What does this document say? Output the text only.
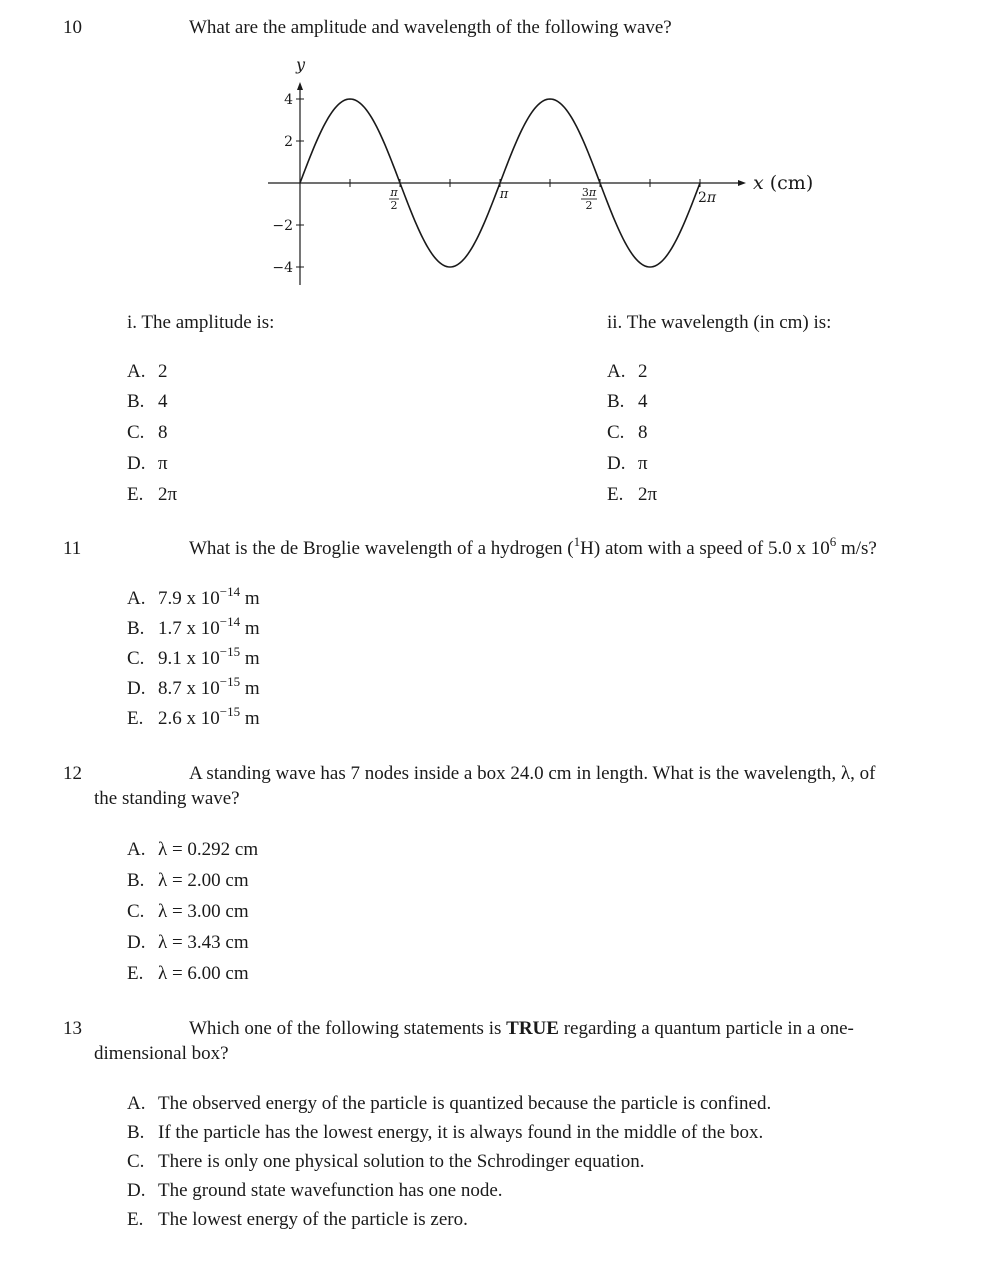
10	What are the amplitude and wavelength of the following wave?
y
x (cm)
4
2
−2
−4
π
2
π	3π
2	2π
i. The amplitude is:	ii. The wavelength (in cm) is:
A. 2
B. 4
C. 8
D. π
E. 2π
A. 2
B. 4
C. 8
D. π
E. 2π
11	What is the de Broglie wavelength of a hydrogen ($^1$H) atom with a speed of 5.0 x $10^6$ m/s?
A. 7.9 x $10^{-14}$ m
B. 1.7 x $10^{-14}$ m
C. 9.1 x $10^{-15}$ m
D. 8.7 x $10^{-15}$ m
E. 2.6 x $10^{-15}$ m
12	A standing wave has 7 nodes inside a box 24.0 cm in length. What is the wavelength, λ, of
the standing wave?
A. λ = 0.292 cm
B. λ = 2.00 cm
C. λ = 3.00 cm
D. λ = 3.43 cm
E. λ = 6.00 cm
13	Which one of the following statements is TRUE regarding a quantum particle in a one-
dimensional box?
A. The observed energy of the particle is quantized because the particle is confined.
B. If the particle has the lowest energy, it is always found in the middle of the box.
C. There is only one physical solution to the Schrodinger equation.
D. The ground state wavefunction has one node.
E. The lowest energy of the particle is zero.
